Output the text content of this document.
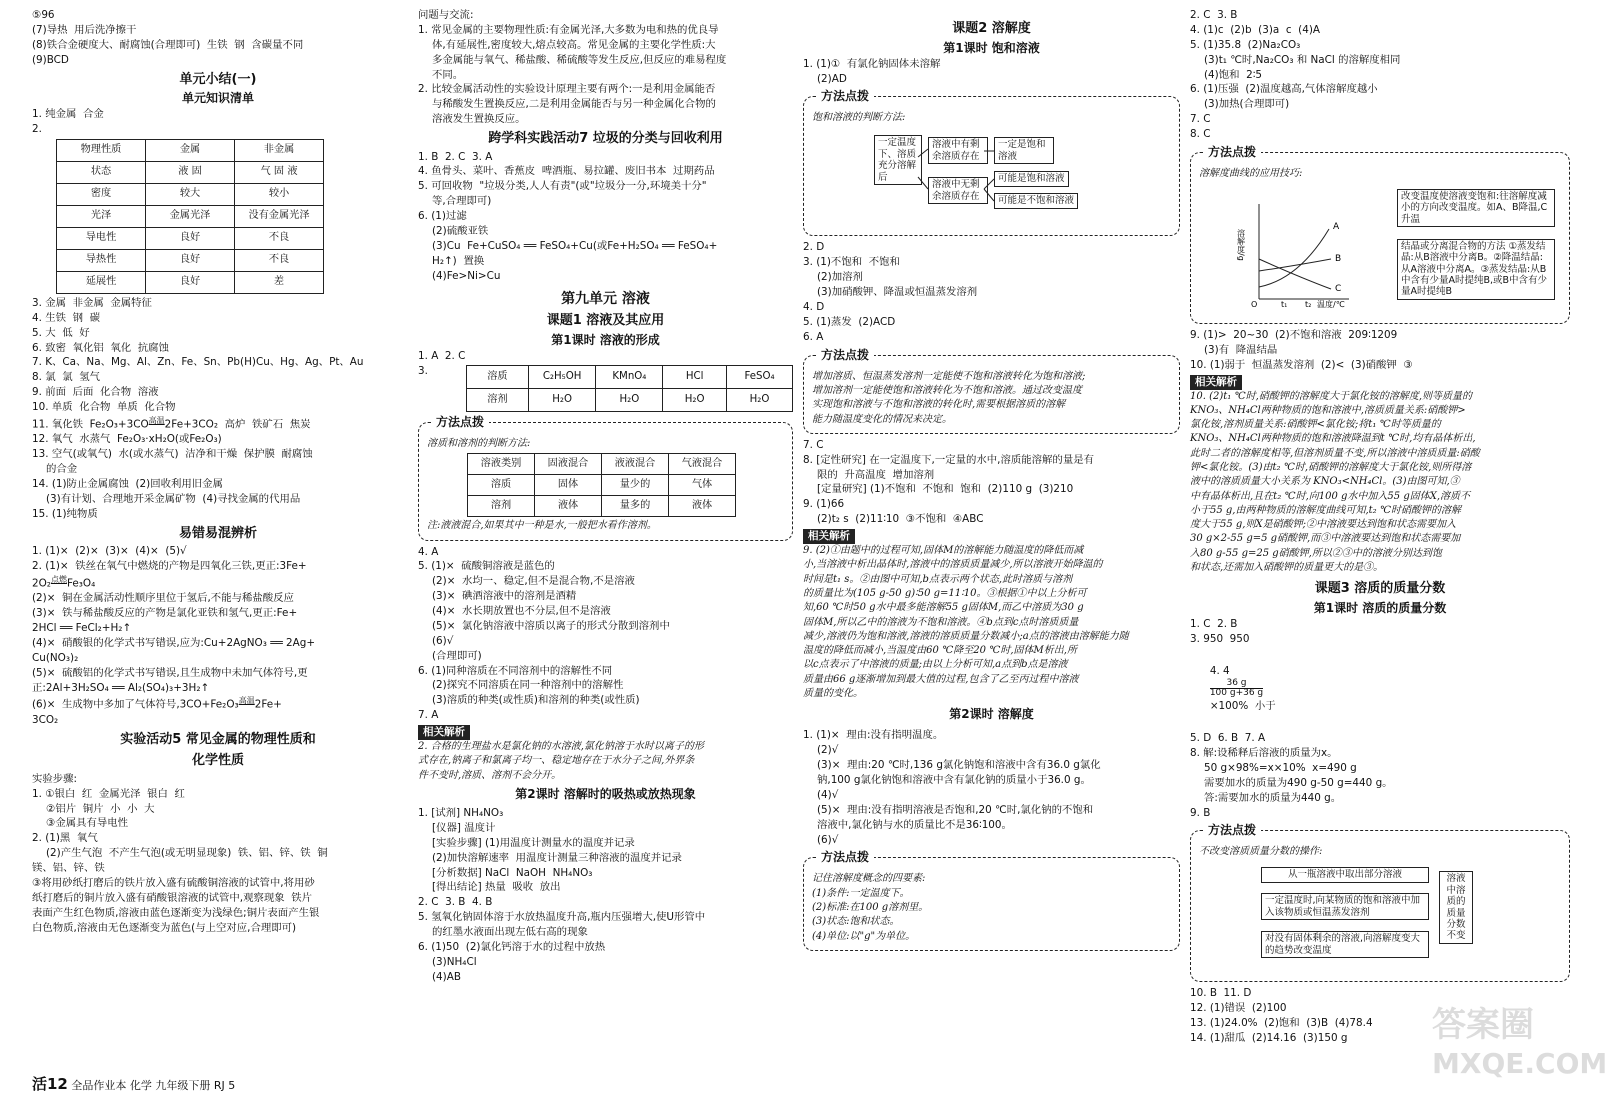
⑤96
(7)导热  用后洗净擦干
(8)铁合金硬度大、耐腐蚀(合理即可)  生铁  钢  含碳量不同
(9)BCD
单元小结(一)
单元知识清单
1. 纯金属  合金
2.
物理性质	金属	非金属
状态	液 固	气 固 液
密度	较大	较小
光泽	金属光泽	没有金属光泽
导电性	良好	不良
导热性	良好	不良
延展性	良好	差
3. 金属  非金属  金属特征
4. 生铁  钢  碳
5. 大  低  好
6. 致密  氧化铝  氧化  抗腐蚀
7. K、Ca、Na、Mg、Al、Zn、Fe、Sn、Pb(H)Cu、Hg、Ag、Pt、Au
8. 氯  氯  氢气
9. 前面  后面  化合物  溶液
10. 单质  化合物  单质  化合物
11. 氧化铁  $Fe_2O_3+3CO^{高温}2Fe+3CO_2$  高炉  铁矿石  焦炭
12. 氧气  水蒸气  Fe₂O₃·xH₂O(或Fe₂O₃)
13. 空气(或氧气)  水(或水蒸气)  洁净和干燥  保护膜  耐腐蚀
的合金
14. (1)防止金属腐蚀  (2)回收利用旧金属
(3)有计划、合理地开采金属矿物  (4)寻找金属的代用品
15. (1)纯物质
易错易混辨析
1. (1)×  (2)×  (3)×  (4)×  (5)√
2. (1)×  铁丝在氧气中燃烧的产物是四氧化三铁,更正:3Fe+
2O₂$^{点燃}$Fe₃O₄
(2)×  铜在金属活动性顺序里位于氢后,不能与稀盐酸反应
(3)×  铁与稀盐酸反应的产物是氯化亚铁和氢气,更正:Fe+
2HCl ══ FeCl₂+H₂↑
(4)×  硝酸银的化学式书写错误,应为:Cu+2AgNO₃ ══ 2Ag+
Cu(NO₃)₂
(5)×  硫酸铝的化学式书写错误,且生成物中未加气体符号,更
正:2Al+3H₂SO₄ ══ Al₂(SO₄)₃+3H₂↑
(6)×  生成物中多加了气体符号,3CO+Fe₂O₃$^{高温}$2Fe+
3CO₂
实验活动5 常见金属的物理性质和
化学性质
实验步骤:
1. ①银白  红  金属光泽  银白  红
②铝片  铜片  小  小  大
③金属具有导电性
2. (1)黑  氧气
(2)产生气泡  不产生气泡(或无明显现象)  铁、铝、锌、铁  铜
镁、铝、锌、铁
③将用砂纸打磨后的铁片放入盛有硫酸铜溶液的试管中,将用砂
纸打磨后的铜片放入盛有硝酸银溶液的试管中,观察现象  铁片
表面产生红色物质,溶液由蓝色逐渐变为浅绿色;铜片表面产生银
白色物质,溶液由无色逐渐变为蓝色(与上空对应,合理即可)
问题与交流:
1. 常见金属的主要物理性质:有金属光泽,大多数为电和热的优良导
体,有延展性,密度较大,熔点较高。常见金属的主要化学性质:大
多金属能与氧气、稀盐酸、稀硫酸等发生反应,但反应的难易程度
不同。
2. 比较金属活动性的实验设计原理主要有两个:一是利用金属能否
与稀酸发生置换反应,二是利用金属能否与另一种金属化合物的
溶液发生置换反应。
跨学科实践活动7 垃圾的分类与回收利用
1. B  2. C  3. A
4. 鱼骨头、菜叶、香蕉皮  啤酒瓶、易拉罐、废旧书本  过期药品
5. 可回收物  "垃圾分类,人人有责"(或"垃圾分一分,环境美十分"
等,合理即可)
6. (1)过滤
(2)硫酸亚铁
(3)Cu  Fe+CuSO₄ ══ FeSO₄+Cu(或Fe+H₂SO₄ ══ FeSO₄+
H₂↑)  置换
(4)Fe>Ni>Cu
第九单元 溶液
课题1 溶液及其应用
第1课时 溶液的形成
1. A  2. C
3.	溶质	C₂H₅OH	KMnO₄	HCl	FeSO₄
溶剂	H₂O	H₂O	H₂O	H₂O
方法点拨
溶质和溶剂的判断方法:
溶液类别	固液混合	液液混合	气液混合
溶质	固体	量少的	气体
溶剂	液体	量多的	液体
注:液液混合,如果其中一种是水,一般把水看作溶剂。
4. A
5. (1)×  硫酸铜溶液是蓝色的
(2)×  水均一、稳定,但不是混合物,不是溶液
(3)×  碘酒溶液中的溶剂是酒精
(4)×  水长期放置也不分层,但不是溶液
(5)×  氯化钠溶液中溶质以离子的形式分散到溶剂中
(6)√
(合理即可)
6. (1)同种溶质在不同溶剂中的溶解性不同
(2)探究不同溶质在同一种溶剂中的溶解性
(3)溶质的种类(或性质)和溶剂的种类(或性质)
7. A
相关解析
2. 合格的生理盐水是氯化钠的水溶液,氯化钠溶于水时以离子的形
式存在,钠离子和氯离子均一、稳定地存在于水分子之间,外界条
件不变时,溶质、溶剂不会分开。
第2课时 溶解时的吸热或放热现象
1. [试剂] NH₄NO₃
[仪器] 温度计
[实验步骤] (1)用温度计测量水的温度并记录
(2)加快溶解速率  用温度计测量三种溶液的温度并记录
[分析数据] NaCl  NaOH  NH₄NO₃
[得出结论] 热量  吸收  放出
2. C  3. B  4. B
5. 氢氧化钠固体溶于水放热温度升高,瓶内压强增大,使U形管中
的红墨水液面出现左低右高的现象
6. (1)50  (2)氯化钙溶于水的过程中放热
(3)NH₄Cl
(4)AB
课题2 溶解度
第1课时 饱和溶液
1. (1)①  有氯化钠固体未溶解
(2)AD
方法点拨
饱和溶液的判断方法:
一定温度下、溶质充分溶解后
溶液中有剩余溶质存在
一定是饱和溶液
溶液中无剩余溶质存在
可能是饱和溶液
可能是不饱和溶液
2. D
3. (1)不饱和  不饱和
(2)加溶剂
(3)加硝酸钾、降温或恒温蒸发溶剂
4. D
5. (1)蒸发  (2)ACD
6. A
方法点拨
增加溶质、恒温蒸发溶剂一定能使不饱和溶液转化为饱和溶液;
增加溶剂一定能使饱和溶液转化为不饱和溶液。通过改变温度
实现饱和溶液与不饱和溶液的转化时,需要根据溶质的溶解
能力随温度变化的情况来决定。
7. C
8. [定性研究] 在一定温度下,一定量的水中,溶质能溶解的量是有
限的  升高温度  增加溶剂
[定量研究] (1)不饱和  不饱和  饱和  (2)110 g  (3)210
9. (1)66
(2)t₂ s  (2)11∶10  ③不饱和  ④ABC
相关解析
9. (2)①由题中的过程可知,固体M的溶解能力随温度的降低而减
小,当溶液中析出晶体时,溶液中的溶质质量减少,所以溶液开始降温的
时间是t₁ s。②由图中可知,b点表示两个状态,此时溶质与溶剂
的质量比为(105 g-50 g)∶50 g=11∶10。③根据①中以上分析可
知,60 ℃时50 g水中最多能溶解55 g固体M,而乙中溶质为30 g
固体M,所以乙中的溶液为不饱和溶液。④b点到c点时溶质质量
减少,溶液仍为饱和溶液,溶液的溶质质量分数减小;a点的溶液由溶解能力随
温度的降低而减小,当温度由60 ℃降至20 ℃时,固体M析出,所
以c点表示了中溶液的质量;由以上分析可知,a点到b点是溶液
质量由66 g逐渐增加到最大值的过程,包含了乙至丙过程中溶液
质量的变化。
第2课时 溶解度
1. (1)×  理由:没有指明温度。
(2)√
(3)×  理由:20 ℃时,136 g氯化钠饱和溶液中含有36.0 g氯化
钠,100 g氯化钠饱和溶液中含有氯化钠的质量小于36.0 g。
(4)√
(5)×  理由:没有指明溶液是否饱和,20 ℃时,氯化钠的不饱和
溶液中,氯化钠与水的质量比不是36∶100。
(6)√
方法点拨
记住溶解度概念的四要素:
(1)条件:一定温度下。
(2)标准:在100 g溶剂里。
(3)状态:饱和状态。
(4)单位:以"g"为单位。
2. C  3. B
4. (1)c  (2)b  (3)a  c  (4)A
5. (1)35.8  (2)Na₂CO₃
(3)t₁ ℃时,Na₂CO₃ 和 NaCl 的溶解度相同
(4)饱和  2∶5
6. (1)压强  (2)温度越高,气体溶解度越小
(3)加热(合理即可)
7. C
8. C
方法点拨
溶解度曲线的应用技巧:
溶解度/g
O	t₁ t₂ 温度/℃
A
B
C
改变温度使溶液变饱和:往溶解度减小的方向改变温度。如A、B降温,C升温
结晶或分离混合物的方法 ①蒸发结晶:从B溶液中分离B。②降温结晶:从A溶液中分离A。③蒸发结晶:从B中含有少量A时提纯B,或B中含有少量A时提纯B
9. (1)>  20~30  (2)不饱和溶液  209∶1209
(3)有  降温结晶
10. (1)弱于  恒温蒸发溶剂  (2)<  (3)硝酸钾  ③
相关解析
10. (2)t₁ ℃时,硝酸钾的溶解度大于氯化铵的溶解度,则等质量的
KNO₃、NH₄Cl两种物质的饱和溶液中,溶质质量关系:硝酸钾>
氯化铵,溶剂质量关系:硝酸钾<氯化铵;将t₁ ℃时等质量的
KNO₃、NH₄Cl两种物质的饱和溶液降温到t ℃时,均有晶体析出,
此时二者的溶解度相等,但溶剂质量不变,所以溶液中溶质质量:硝酸
钾<氯化铵。(3)由t₂ ℃时,硝酸钾的溶解度大于氯化铵,则所得溶
液中的溶质质量大小关系为 KNO₃<NH₄Cl。(3)由图可知,③
中有晶体析出,且在t₂ ℃时,向100 g水中加入55 g固体X,溶质不
小于55 g,由两种物质的溶解度曲线可知,t₂ ℃时硝酸钾的溶解
度大于55 g,则X是硝酸钾;②中溶液要达到饱和状态需要加入
30 g×2-55 g=5 g硝酸钾,而③中溶液要达到饱和状态需要加
入80 g-55 g=25 g硝酸钾,所以②③中的溶液分别达到饱
和状态,还需加入硝酸钾的质量更大的是③。
课题3 溶质的质量分数
第1课时 溶质的质量分数
1. C  2. B
3. 950  950

4. 4

$\frac{36 g}{100 g+36 g}$

×100%  小于

5. D  6. B  7. A
8. 解:设稀释后溶液的质量为x。
50 g×98%=x×10%  x=490 g
需要加水的质量为490 g-50 g=440 g。
答:需要加水的质量为440 g。
9. B
方法点拨
不改变溶质质量分数的操作:
从一瓶溶液中取出部分溶液
一定温度时,向某物质的饱和溶液中加入该物质或恒温蒸发溶剂
对没有固体剩余的溶液,向溶解度变大的趋势改变温度
溶液中溶质的质量分数不变
10. B  11. D
12. (1)错误  (2)100
13. (1)24.0%  (2)饱和  (3)B  (4)78.4
14. (1)甜瓜  (2)14.16  (3)150 g
活12 全品作业本 化学 九年级下册 RJ 5
答案圈
MXQE.COM
